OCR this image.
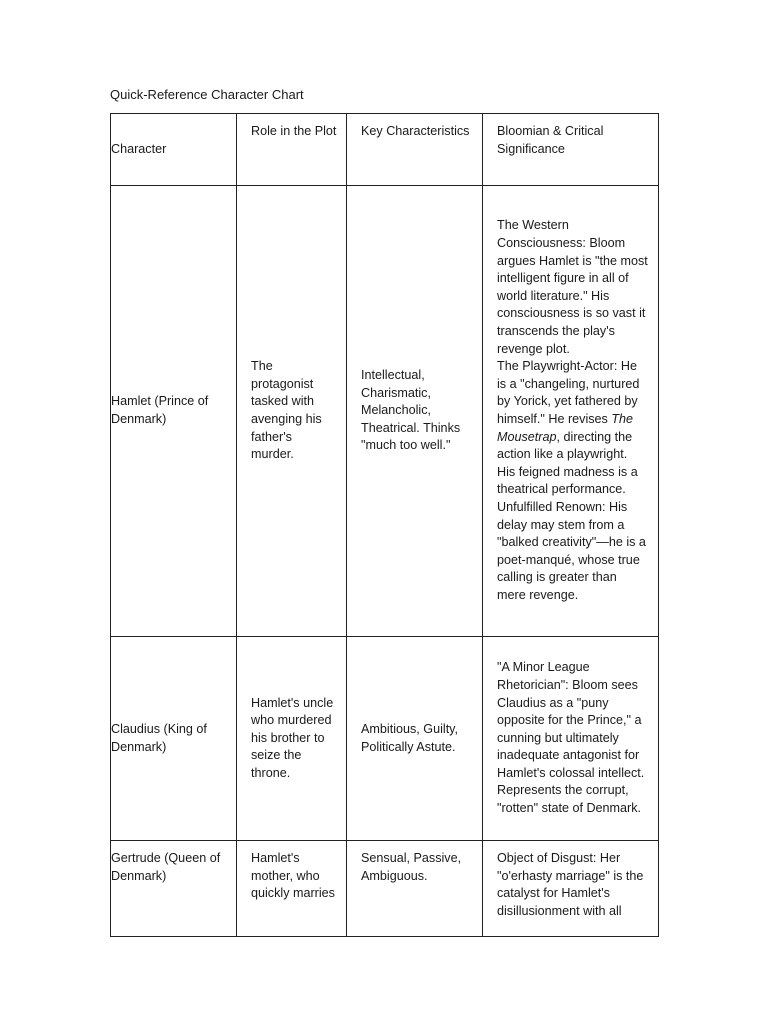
Quick-Reference Character Chart
Character	Role in the Plot	Key Characteristics	Bloomian & Critical Significance
Hamlet (Prince of Denmark)	The protagonist tasked with avenging his father's murder.	Intellectual, Charismatic, Melancholic, Theatrical. Thinks "much too well."	The Western Consciousness: Bloom argues Hamlet is "the most intelligent figure in all of world literature." His consciousness is so vast it transcends the play's revenge plot.
The Playwright-Actor: He is a "changeling, nurtured by Yorick, yet fathered by himself." He revises The Mousetrap, directing the action like a playwright. His feigned madness is a theatrical performance.
Unfulfilled Renown: His delay may stem from a "balked creativity"—he is a poet-manqué, whose true calling is greater than mere revenge.

Claudius (King of Denmark)	Hamlet's uncle who murdered his brother to seize the throne.	Ambitious, Guilty, Politically Astute.	"A Minor League Rhetorician": Bloom sees Claudius as a "puny opposite for the Prince," a cunning but ultimately inadequate antagonist for Hamlet's colossal intellect. Represents the corrupt, "rotten" state of Denmark.
Gertrude (Queen of Denmark)	Hamlet's mother, who quickly marries	Sensual, Passive, Ambiguous.	Object of Disgust: Her "o'erhasty marriage" is the catalyst for Hamlet's disillusionment with all
